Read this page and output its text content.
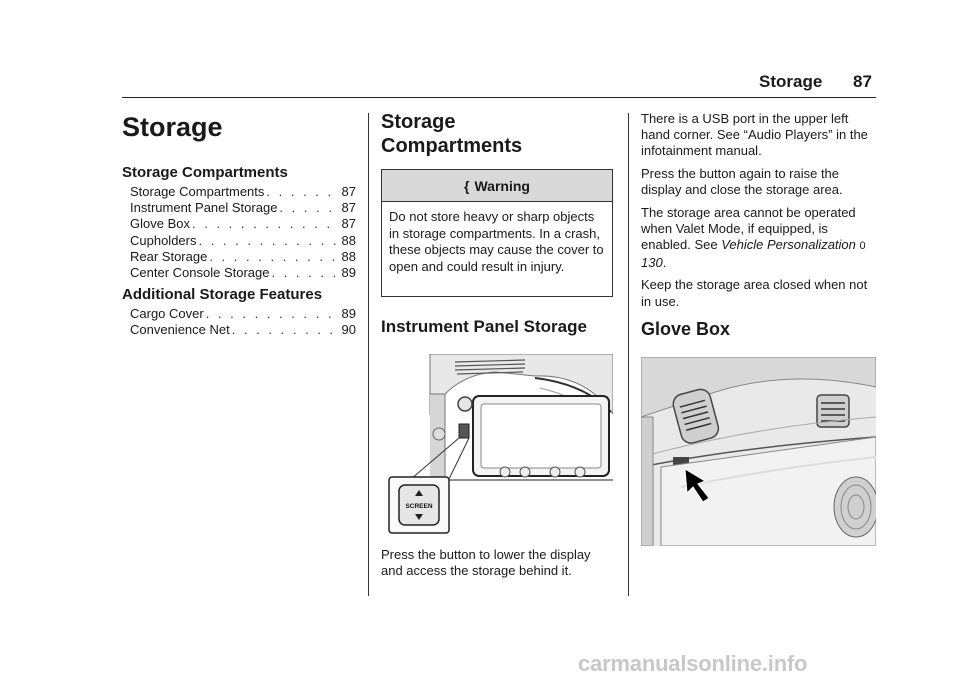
Storage 87
Storage
Storage Compartments
Storage Compartments . . .	87
Instrument Panel Storage . . .	87
Glove Box . . .	87
Cupholders . . .	88
Rear Storage . . .	88
Center Console Storage . . .	89
Additional Storage Features
Cargo Cover . . .	89
Convenience Net . . .	90
Storage
Compartments
{ Warning
Do not store heavy or sharp objects in storage compartments. In a crash, these objects may cause the cover to open and could result in injury.
Instrument Panel Storage
SCREEN

Press the button to lower the display and access the storage behind it.

There is a USB port in the upper left hand corner. See “Audio Players” in the infotainment manual.

Press the button again to raise the display and close the storage area.

The storage area cannot be operated when Valet Mode, if equipped, is enabled. See Vehicle Personalization 0 130.

Keep the storage area closed when not in use.

Glove Box
carmanualsonline.info
